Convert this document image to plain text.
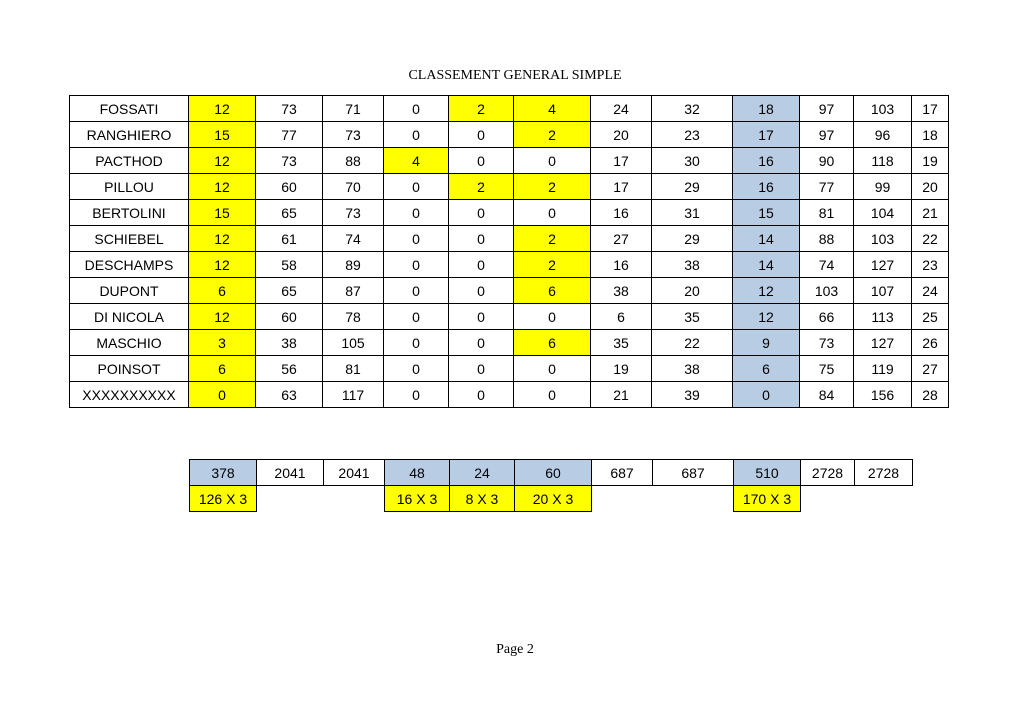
CLASSEMENT GENERAL SIMPLE
FOSSATI	12	73	71	0	2	4	24	32	18	97	103	17
RANGHIERO	15	77	73	0	0	2	20	23	17	97	96	18
PACTHOD	12	73	88	4	0	0	17	30	16	90	118	19
PILLOU	12	60	70	0	2	2	17	29	16	77	99	20
BERTOLINI	15	65	73	0	0	0	16	31	15	81	104	21
SCHIEBEL	12	61	74	0	0	2	27	29	14	88	103	22
DESCHAMPS	12	58	89	0	0	2	16	38	14	74	127	23
DUPONT	6	65	87	0	0	6	38	20	12	103	107	24
DI NICOLA	12	60	78	0	0	0	6	35	12	66	113	25
MASCHIO	3	38	105	0	0	6	35	22	9	73	127	26
POINSOT	6	56	81	0	0	0	19	38	6	75	119	27
XXXXXXXXXX	0	63	117	0	0	0	21	39	0	84	156	28
378	2041	2041	48	24	60	687	687	510	2728	2728
126 X 3			16 X 3	8 X 3	20 X 3			170 X 3		
Page 2
